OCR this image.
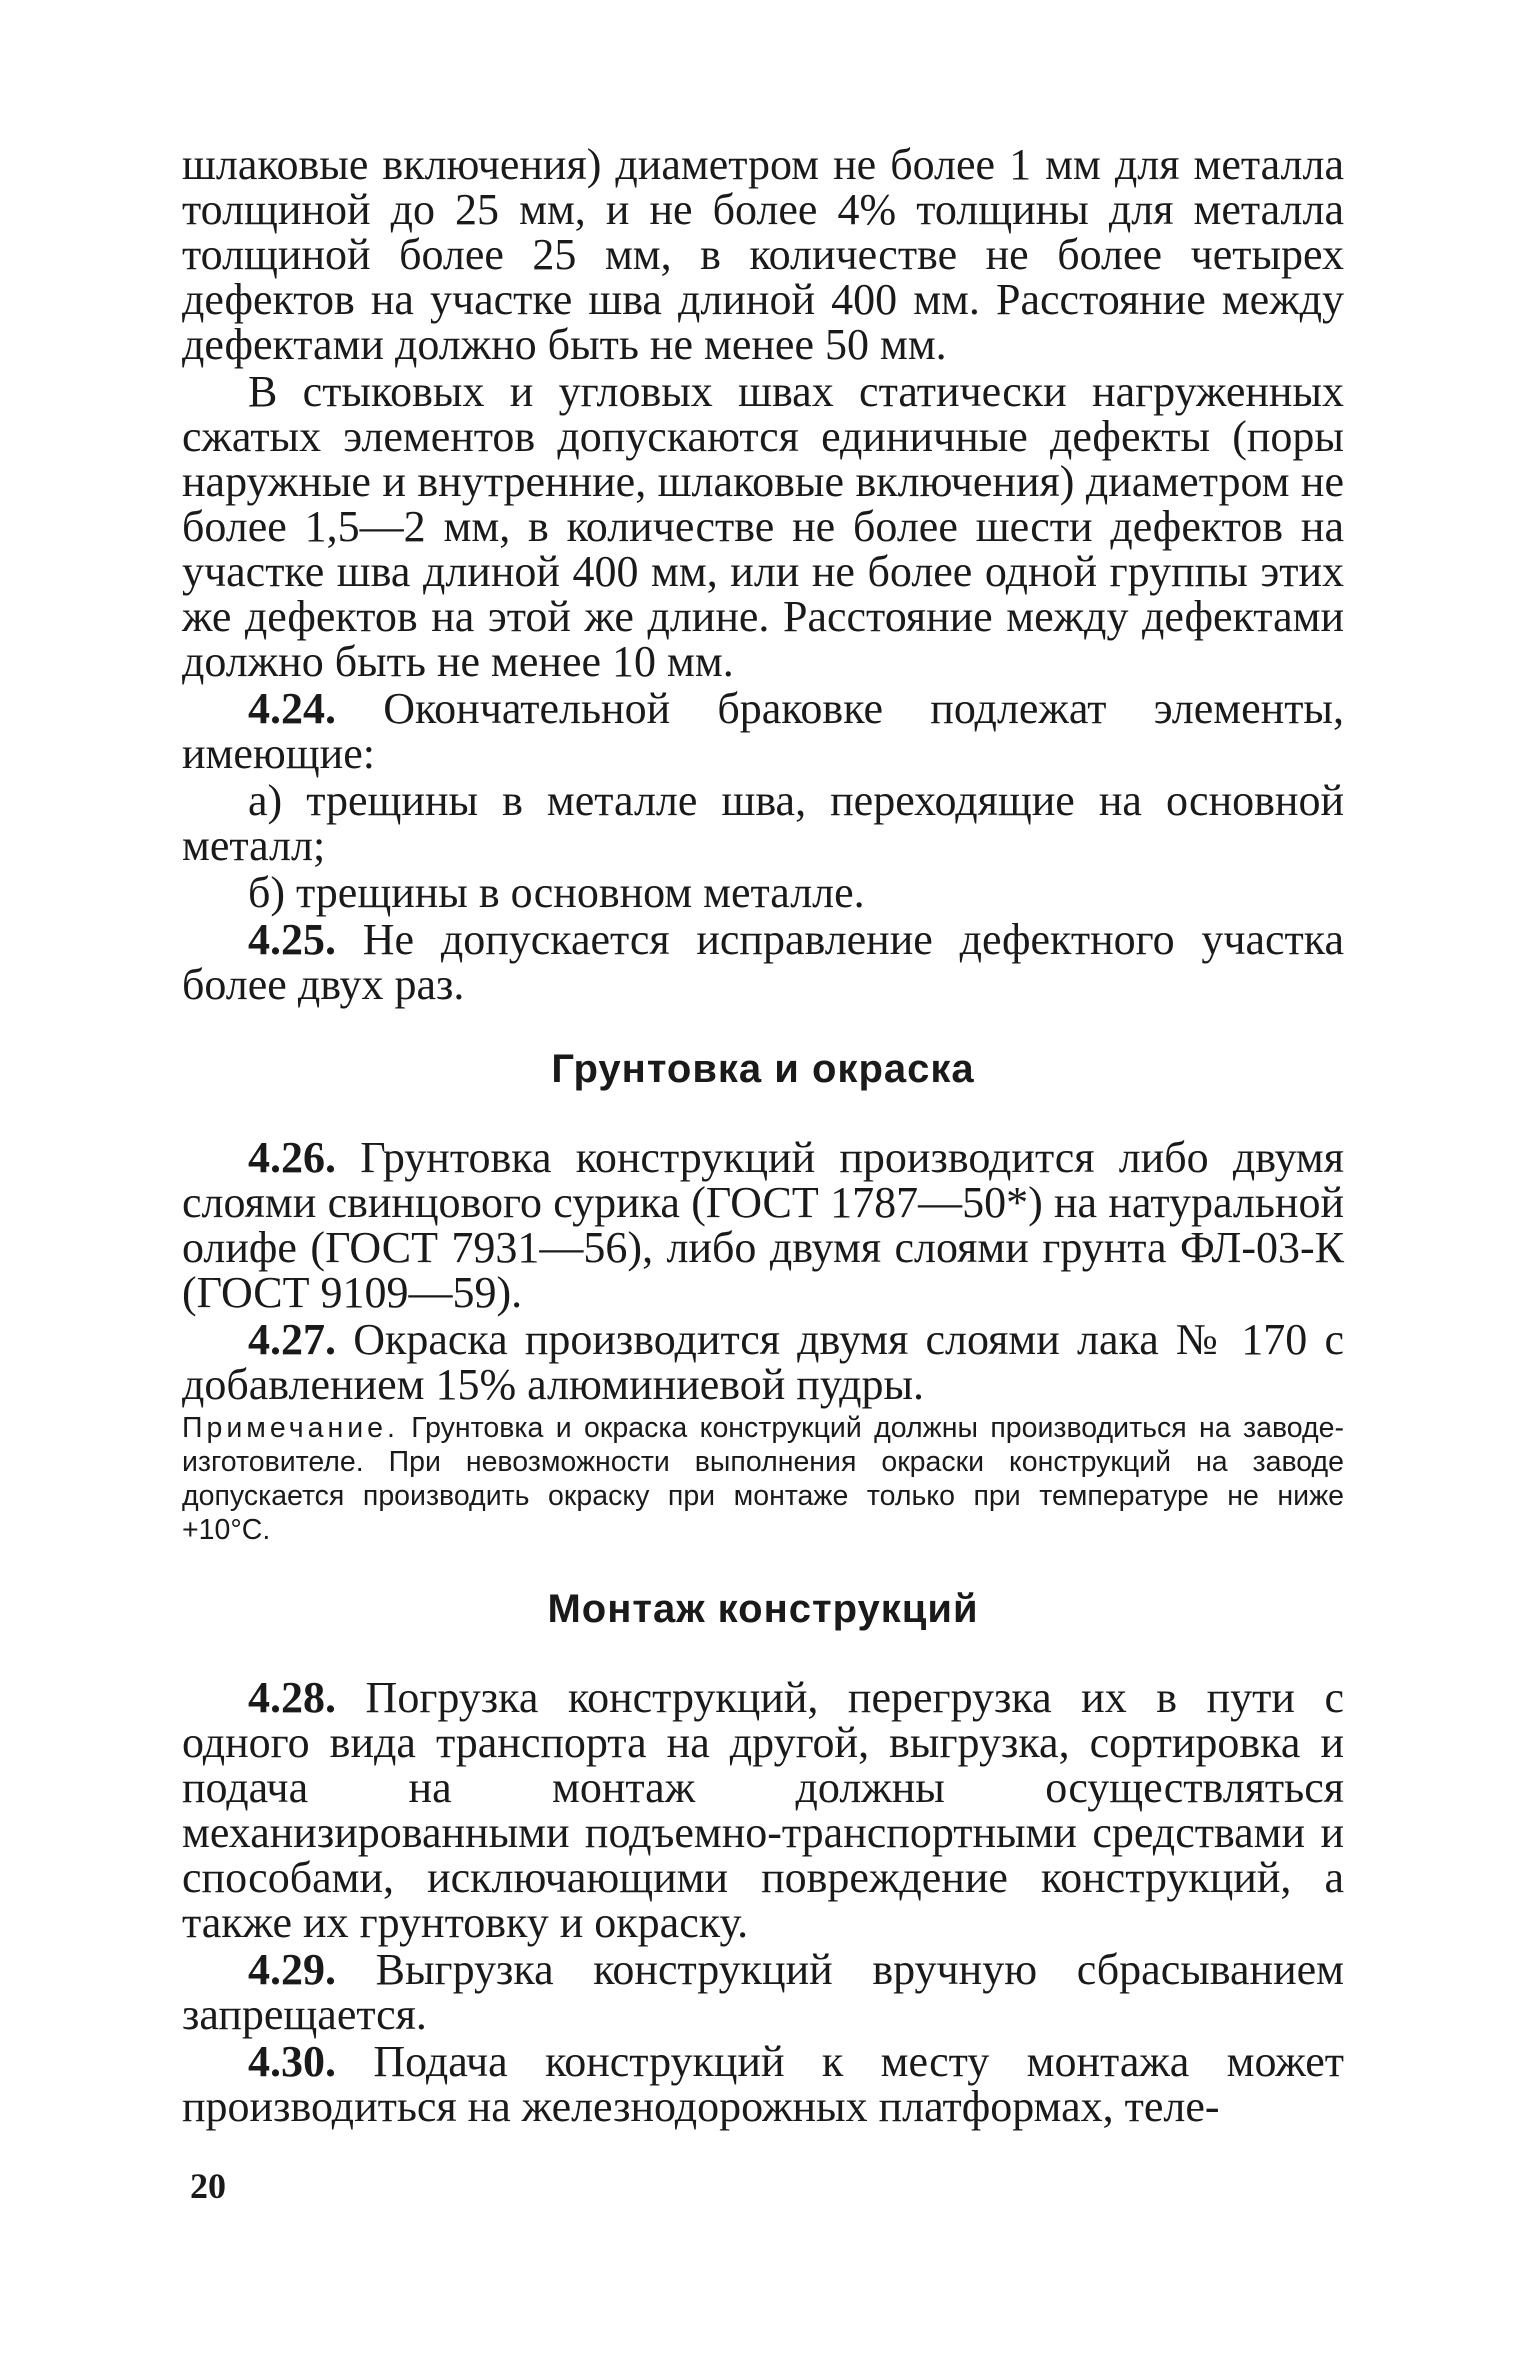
шлаковые включения) диаметром не более 1 мм для металла толщиной до 25 мм, и не более 4% толщины для металла толщиной более 25 мм, в количестве не более четырех дефектов на участке шва длиной 400 мм. Расстояние между дефектами должно быть не менее 50 мм.

В стыковых и угловых швах статически нагруженных сжатых элементов допускаются единичные дефекты (поры наружные и внутренние, шлаковые включения) диаметром не более 1,5—2 мм, в количестве не более шести дефектов на участке шва длиной 400 мм, или не более одной группы этих же дефектов на этой же длине. Расстояние между дефектами должно быть не менее 10 мм.

4.24. Окончательной браковке подлежат элементы, имеющие:

а) трещины в металле шва, переходящие на основной металл;

б) трещины в основном металле.

4.25. Не допускается исправление дефектного участка более двух раз.

Грунтовка и окраска

4.26. Грунтовка конструкций производится либо двумя слоями свинцового сурика (ГОСТ 1787—50*) на натуральной олифе (ГОСТ 7931—56), либо двумя слоями грунта ФЛ-03-К (ГОСТ 9109—59).

4.27. Окраска производится двумя слоями лака № 170 с добавлением 15% алюминиевой пудры.

Примечание. Грунтовка и окраска конструкций должны производиться на заводе-изготовителе. При невозможности выполнения окраски конструкций на заводе допускается производить окраску при монтаже только при температуре не ниже +10°С.

Монтаж конструкций

4.28. Погрузка конструкций, перегрузка их в пути с одного вида транспорта на другой, выгрузка, сортировка и подача на монтаж должны осуществляться механизированными подъемно-транспортными средствами и способами, исключающими повреждение конструкций, а также их грунтовку и окраску.

4.29. Выгрузка конструкций вручную сбрасыванием запрещается.

4.30. Подача конструкций к месту монтажа может производиться на железнодорожных платформах, теле-

20
